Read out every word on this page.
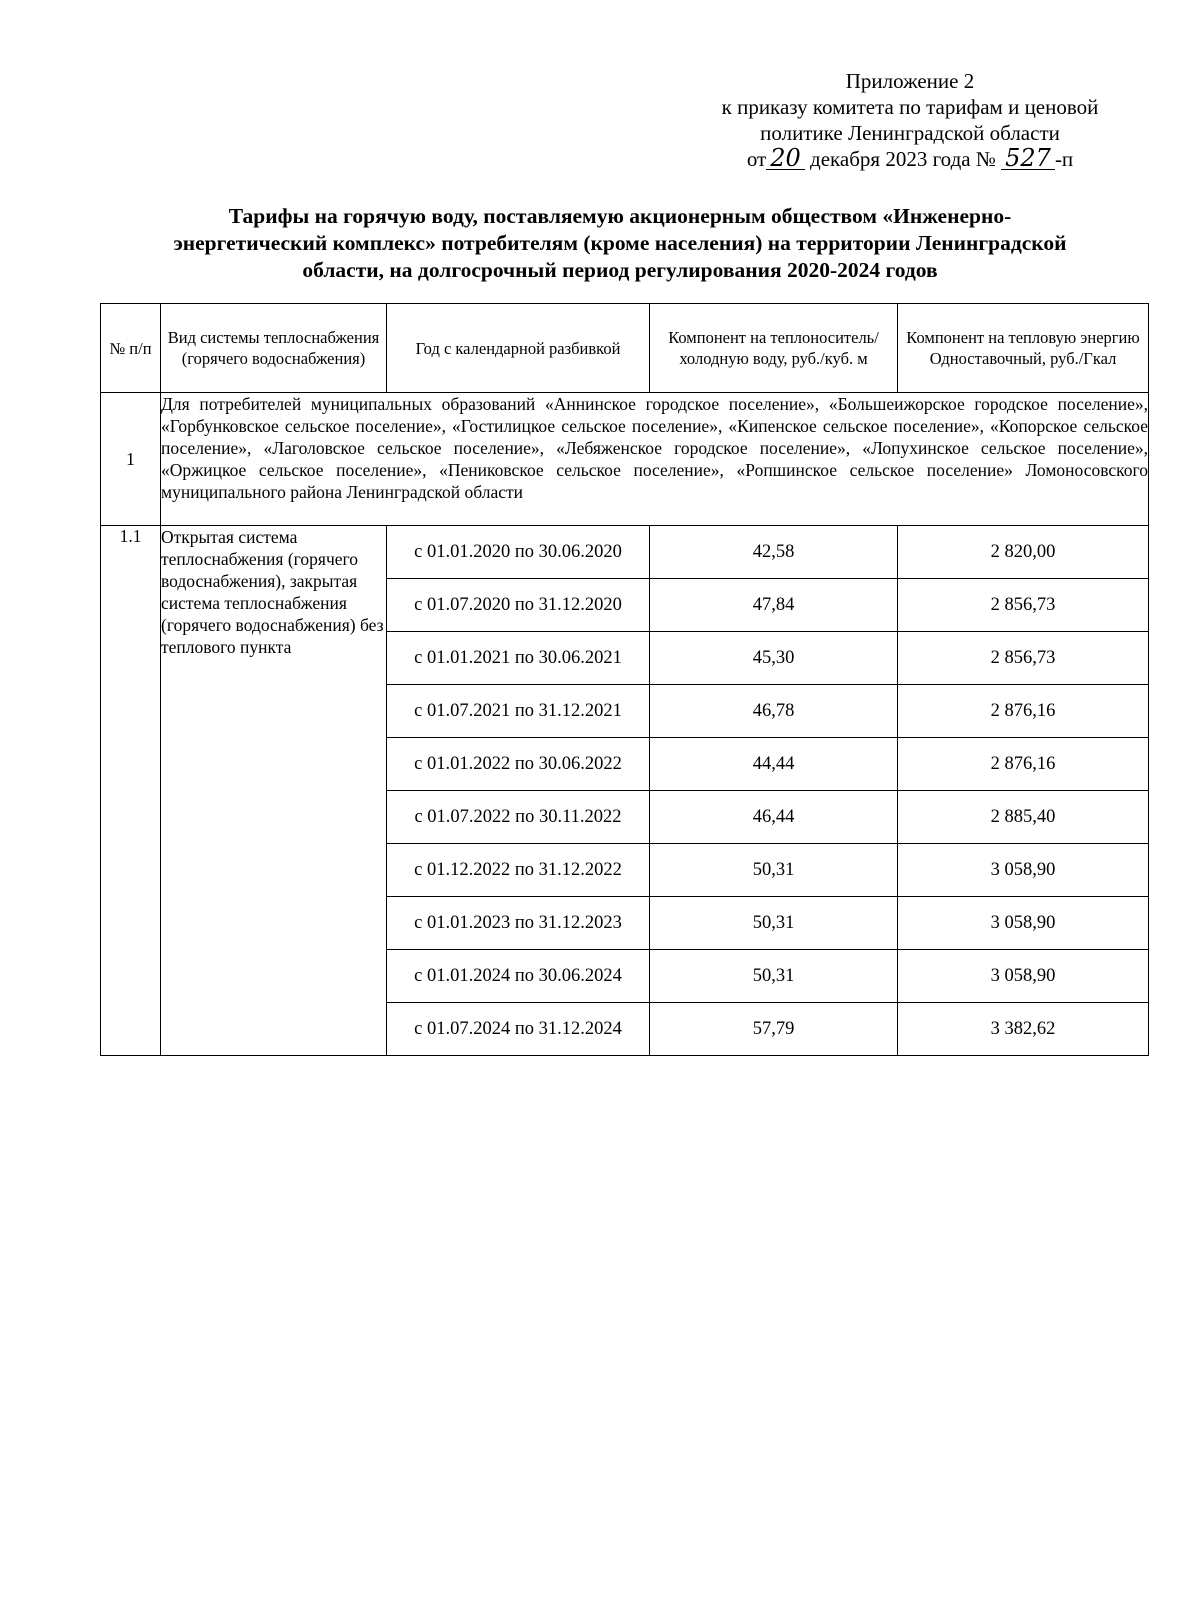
Приложение 2
к приказу комитета по тарифам и ценовой
политике Ленинградской области
от 20 декабря 2023 года № 527 -п
Тарифы на горячую воду, поставляемую акционерным обществом «Инженерно-
энергетический комплекс» потребителям (кроме населения) на территории Ленинградской
области, на долгосрочный период регулирования 2020-2024 годов
№ п/п	Вид системы теплоснабжения (горячего водоснабжения)	Год с календарной разбивкой	Компонент на теплоноситель/холодную воду, руб./куб. м	Компонент на тепловую энергию Одноставочный, руб./Гкал
1	Для потребителей муниципальных образований «Аннинское городское поселение», «Большеижорское городское поселение», «Горбунковское сельское поселение», «Гостилицкое сельское поселение», «Кипенское сельское поселение», «Копорское сельское поселение», «Лаголовское сельское поселение», «Лебяженское городское поселение», «Лопухинское сельское поселение», «Оржицкое сельское поселение», «Пениковское сельское поселение», «Ропшинское сельское поселение» Ломоносовского муниципального района Ленинградской области			
1.1	Открытая система теплоснабжения (горячего водоснабжения), закрытая система теплоснабжения (горячего водоснабжения) без теплового пункта	с 01.01.2020 по 30.06.2020	42,58	2 820,00
		с 01.07.2020 по 31.12.2020	47,84	2 856,73
		с 01.01.2021 по 30.06.2021	45,30	2 856,73
		с 01.07.2021 по 31.12.2021	46,78	2 876,16
		с 01.01.2022 по 30.06.2022	44,44	2 876,16
		с 01.07.2022 по 30.11.2022	46,44	2 885,40
		с 01.12.2022 по 31.12.2022	50,31	3 058,90
		с 01.01.2023 по 31.12.2023	50,31	3 058,90
		с 01.01.2024 по 30.06.2024	50,31	3 058,90
		с 01.07.2024 по 31.12.2024	57,79	3 382,62
